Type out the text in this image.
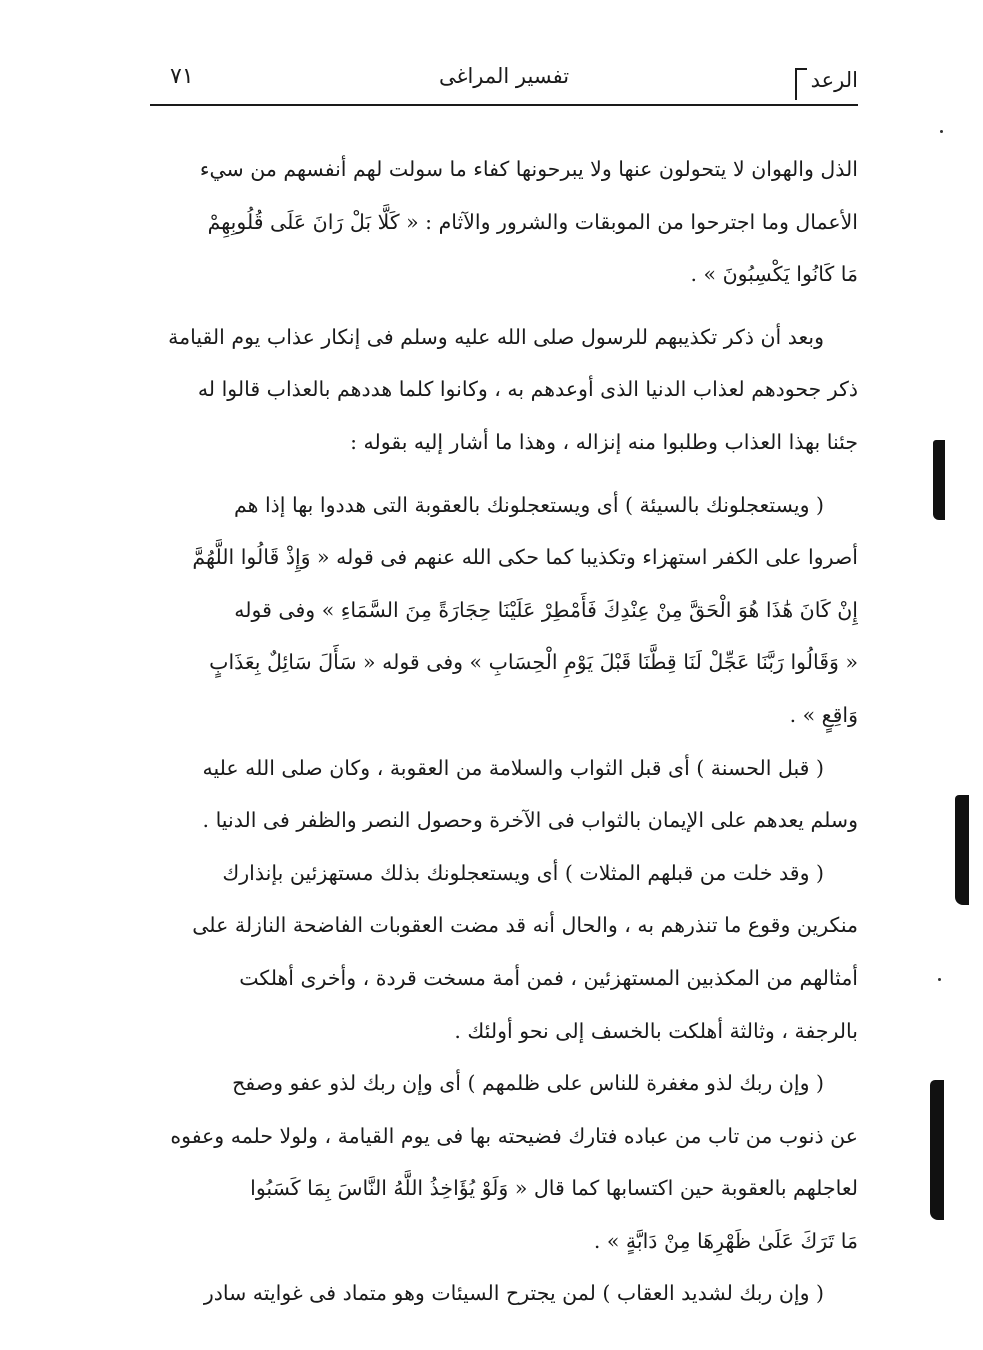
الرعد
تفسير المراغى
٧١
الذل والهوان لا يتحولون عنها ولا يبرحونها كفاء ما سولت لهم أنفسهم من سيء
الأعمال وما اجترحوا من الموبقات والشرور والآثام : « كَلَّا بَلْ رَانَ عَلَى قُلُوبِهِمْ
مَا كَانُوا يَكْسِبُونَ » .
وبعد أن ذكر تكذيبهم للرسول صلى الله عليه وسلم فى إنكار عذاب يوم القيامة
ذكر جحودهم لعذاب الدنيا الذى أوعدهم به ، وكانوا كلما هددهم بالعذاب قالوا له
جئنا بهذا العذاب وطلبوا منه إنزاله ، وهذا ما أشار إليه بقوله :
( ويستعجلونك بالسيئة ) أى ويستعجلونك بالعقوبة التى هددوا بها إذا هم
أصروا على الكفر استهزاء وتكذيبا كما حكى الله عنهم فى قوله « وَإِذْ قَالُوا اللَّهُمَّ
إِنْ كَانَ هَٰذَا هُوَ الْحَقَّ مِنْ عِنْدِكَ فَأَمْطِرْ عَلَيْنَا حِجَارَةً مِنَ السَّمَاءِ » وفى قوله
« وَقَالُوا رَبَّنَا عَجِّلْ لَنَا قِطَّنَا قَبْلَ يَوْمِ الْحِسَابِ » وفى قوله « سَأَلَ سَائِلٌ بِعَذَابٍ
وَاقِعٍ » .
( قبل الحسنة ) أى قبل الثواب والسلامة من العقوبة ، وكان صلى الله عليه
وسلم يعدهم على الإيمان بالثواب فى الآخرة وحصول النصر والظفر فى الدنيا .
( وقد خلت من قبلهم المثلات ) أى ويستعجلونك بذلك مستهزئين بإنذارك
منكرين وقوع ما تنذرهم به ، والحال أنه قد مضت العقوبات الفاضحة النازلة على
أمثالهم من المكذبين المستهزئين ، فمن أمة مسخت قردة ، وأخرى أهلكت
بالرجفة ، وثالثة أهلكت بالخسف إلى نحو أولئك .
( وإن ربك لذو مغفرة للناس على ظلمهم ) أى وإن ربك لذو عفو وصفح
عن ذنوب من تاب من عباده فتارك فضيحته بها فى يوم القيامة ، ولولا حلمه وعفوه
لعاجلهم بالعقوبة حين اكتسابها كما قال « وَلَوْ يُؤَاخِذُ اللَّهُ النَّاسَ بِمَا كَسَبُوا
مَا تَرَكَ عَلَىٰ ظَهْرِهَا مِنْ دَابَّةٍ » .
( وإن ربك لشديد العقاب ) لمن يجترح السيئات وهو متماد فى غوايته سادر
